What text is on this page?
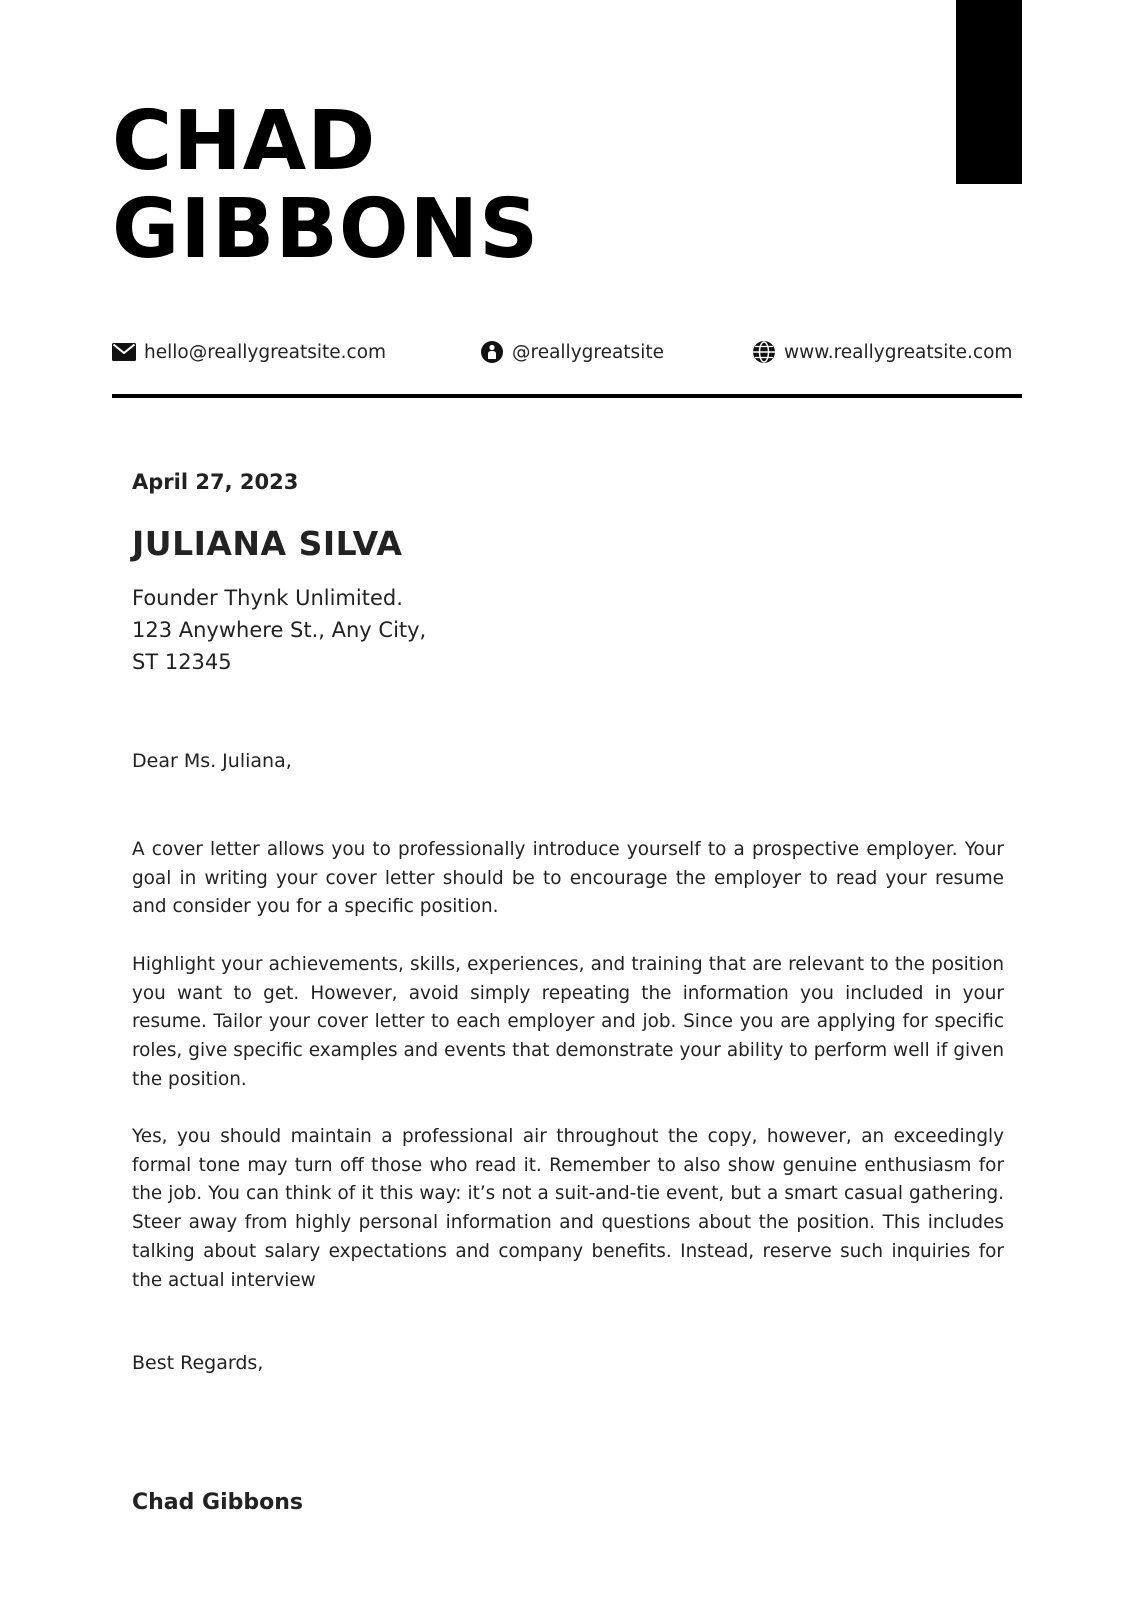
CHAD
GIBBONS
hello@reallygreatsite.com	@reallygreatsite	www.reallygreatsite.com
April 27, 2023
JULIANA SILVA
Founder Thynk Unlimited.
123 Anywhere St., Any City,
ST 12345
Dear Ms. Juliana,

A cover letter allows you to professionally introduce yourself to a prospective employer. Your goal in writing your cover letter should be to encourage the employer to read your resume and consider you for a specific position.

Highlight your achievements, skills, experiences, and training that are relevant to the position you want to get. However, avoid simply repeating the information you included in your resume. Tailor your cover letter to each employer and job. Since you are applying for specific roles, give specific examples and events that demonstrate your ability to perform well if given the position.

Yes, you should maintain a professional air throughout the copy, however, an exceedingly formal tone may turn off those who read it. Remember to also show genuine enthusiasm for the job. You can think of it this way: it’s not a suit-and-tie event, but a smart casual gathering. Steer away from highly personal information and questions about the position. This includes talking about salary expectations and company benefits. Instead, reserve such inquiries for the actual interview

Best Regards,
Chad Gibbons
